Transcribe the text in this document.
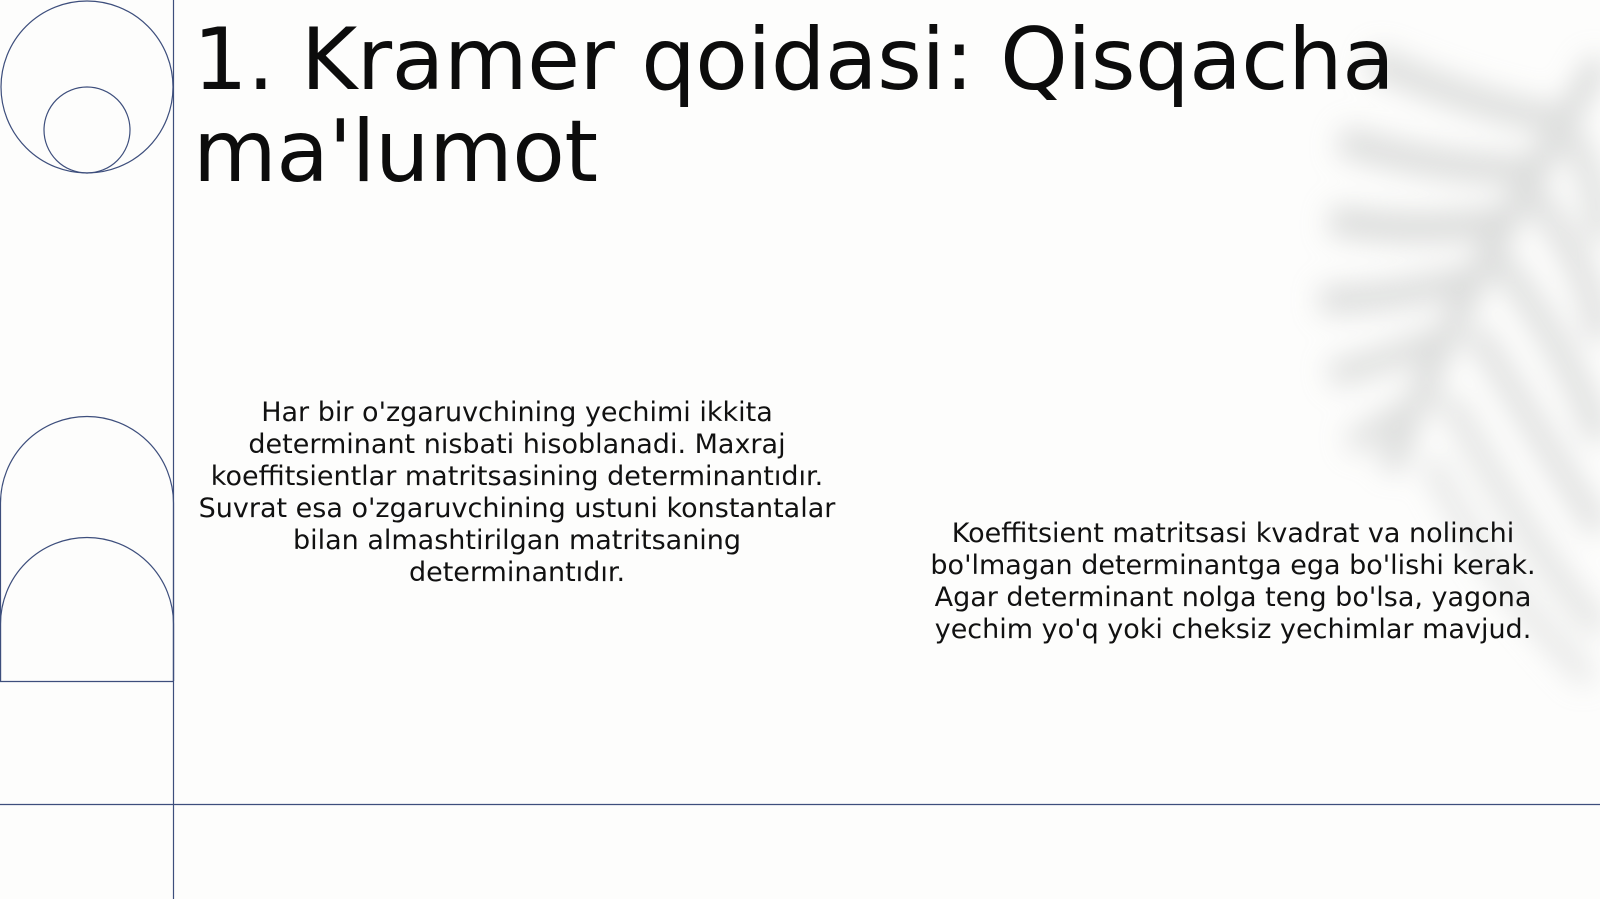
1. Kramer qoidasi: Qisqacha ma'lumot

Har bir o'zgaruvchining yechimi ikkita determinant nisbati hisoblanadi. Maxraj koeffitsientlar matritsasining determinantıdır. Suvrat esa o'zgaruvchining ustuni konstantalar bilan almashtirilgan matritsaning determinantıdır.

Koeffitsient matritsasi kvadrat va nolinchi bo'lmagan determinantga ega bo'lishi kerak. Agar determinant nolga teng bo'lsa, yagona yechim yo'q yoki cheksiz yechimlar mavjud.
